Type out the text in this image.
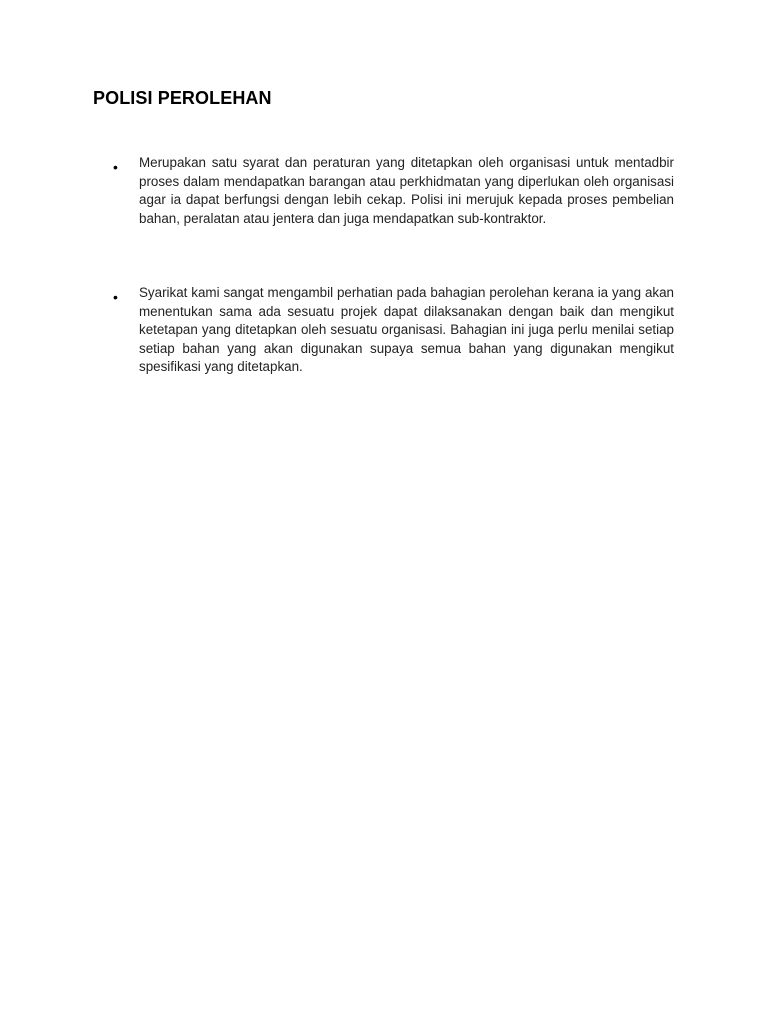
POLISI PEROLEHAN
• Merupakan satu syarat dan peraturan yang ditetapkan oleh organisasi untuk mentadbir proses dalam mendapatkan barangan atau perkhidmatan yang diperlukan oleh organisasi agar ia dapat berfungsi dengan lebih cekap. Polisi ini merujuk kepada proses pembelian bahan, peralatan atau jentera dan juga mendapatkan sub-kontraktor.

• Syarikat kami sangat mengambil perhatian pada bahagian perolehan kerana ia yang akan menentukan sama ada sesuatu projek dapat dilaksanakan dengan baik dan mengikut ketetapan yang ditetapkan oleh sesuatu organisasi. Bahagian ini juga perlu menilai setiap setiap bahan yang akan digunakan supaya semua bahan yang digunakan mengikut spesifikasi yang ditetapkan.
